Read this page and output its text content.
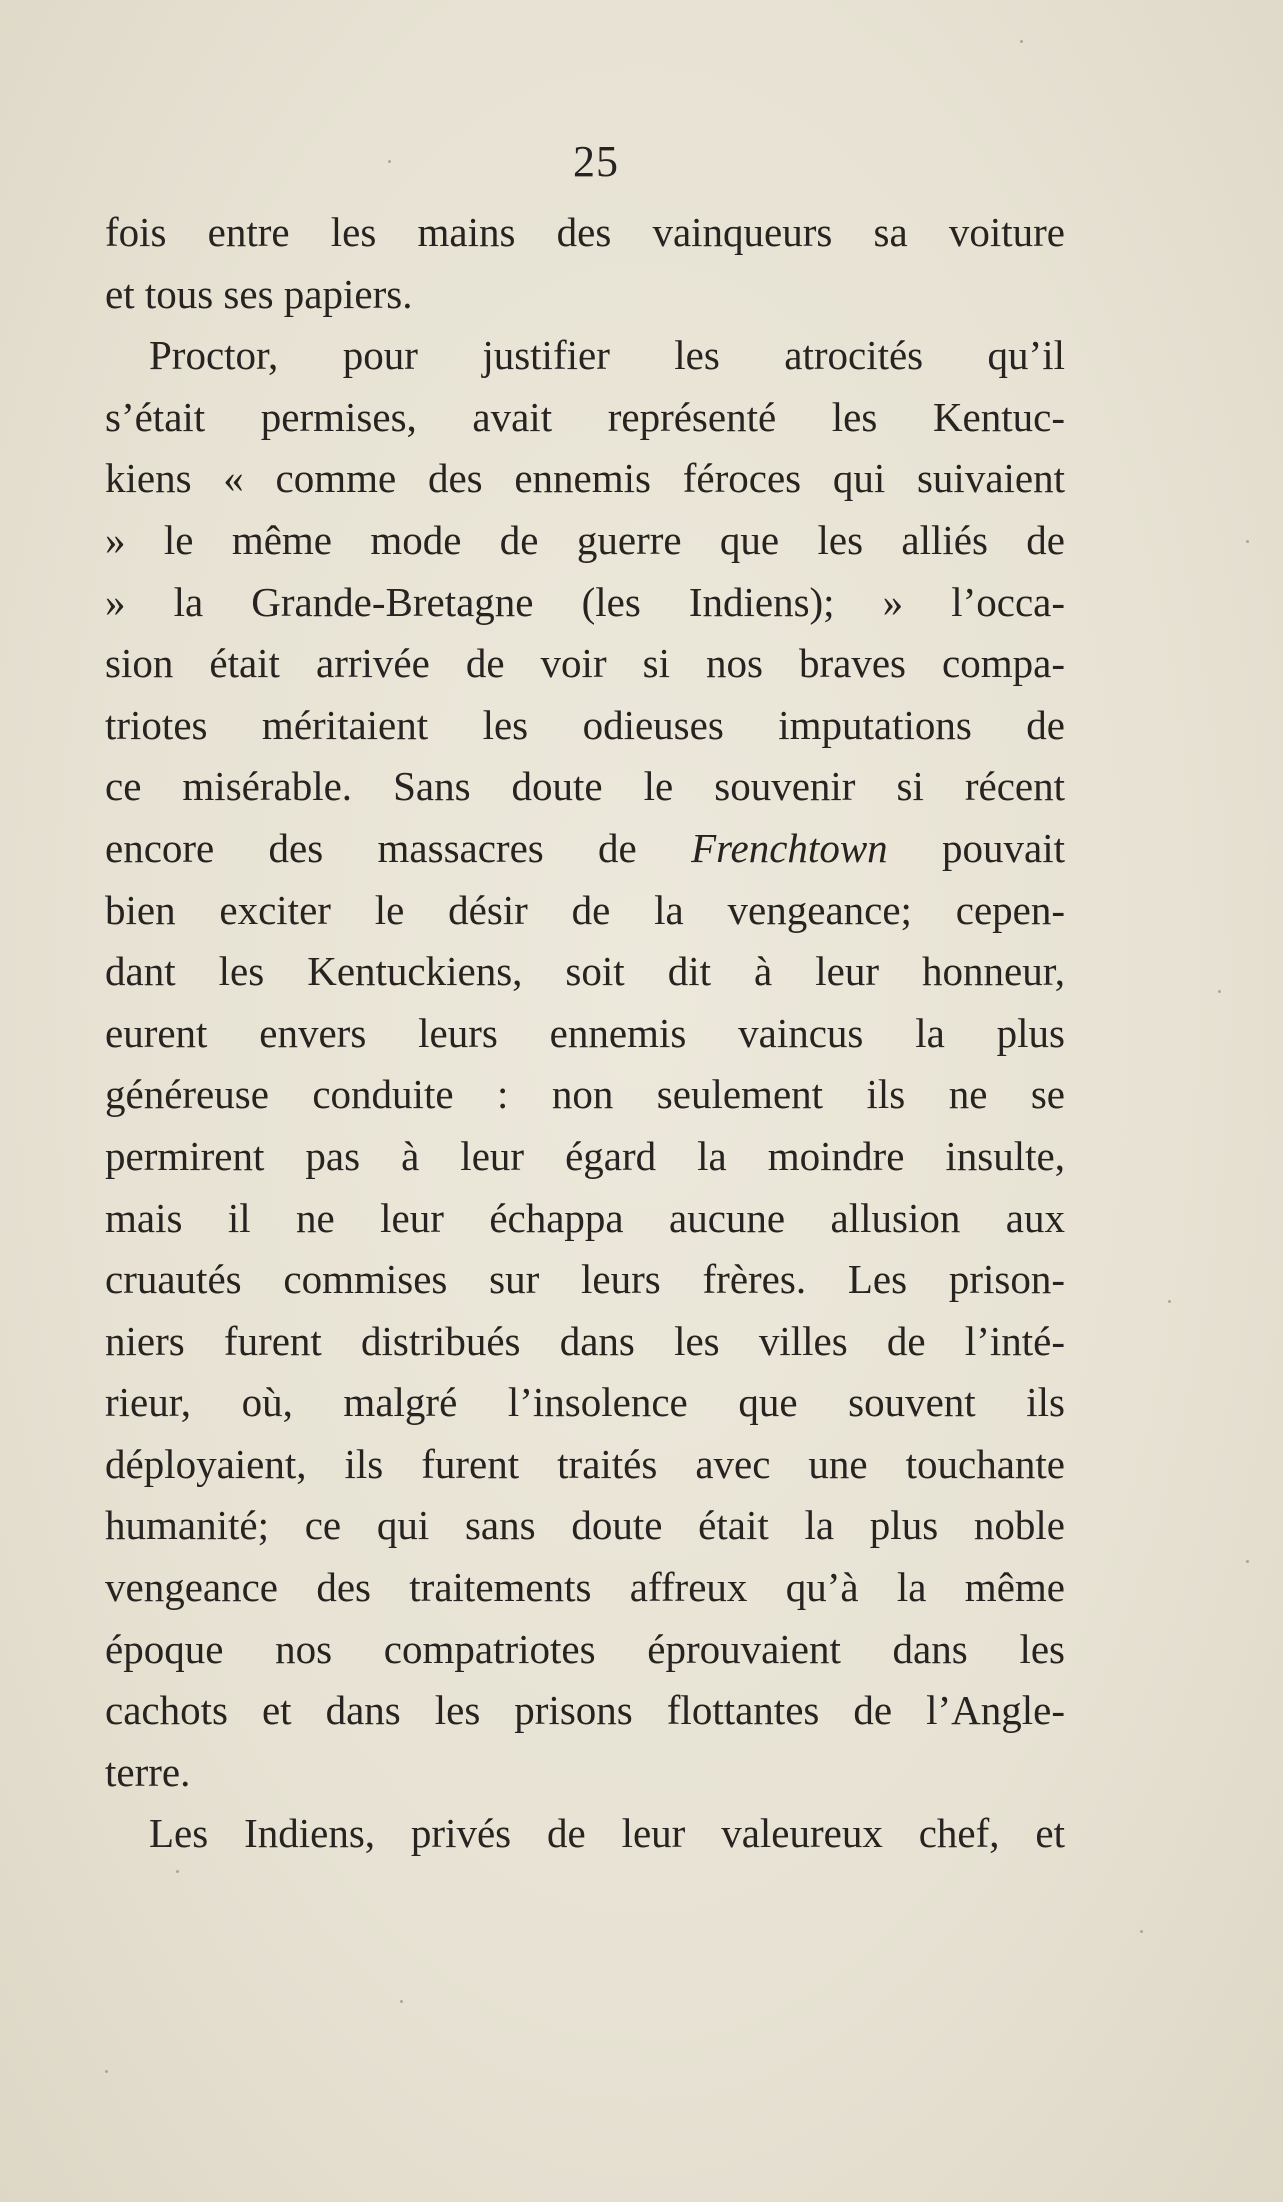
25
fois entre les mains des vainqueurs sa voiture
et tous ses papiers.
Proctor, pour justifier les atrocités qu’il
s’était permises, avait représenté les Kentuc-
kiens « comme des ennemis féroces qui suivaient
» le même mode de guerre que les alliés de
» la Grande-Bretagne (les Indiens); » l’occa-
sion était arrivée de voir si nos braves compa-
triotes méritaient les odieuses imputations de
ce misérable. Sans doute le souvenir si récent
encore des massacres de Frenchtown pouvait
bien exciter le désir de la vengeance; cepen-
dant les Kentuckiens, soit dit à leur honneur,
eurent envers leurs ennemis vaincus la plus
généreuse conduite : non seulement ils ne se
permirent pas à leur égard la moindre insulte,
mais il ne leur échappa aucune allusion aux
cruautés commises sur leurs frères. Les prison-
niers furent distribués dans les villes de l’inté-
rieur, où, malgré l’insolence que souvent ils
déployaient, ils furent traités avec une touchante
humanité; ce qui sans doute était la plus noble
vengeance des traitements affreux qu’à la même
époque nos compatriotes éprouvaient dans les
cachots et dans les prisons flottantes de l’Angle-
terre.
Les Indiens, privés de leur valeureux chef, et
